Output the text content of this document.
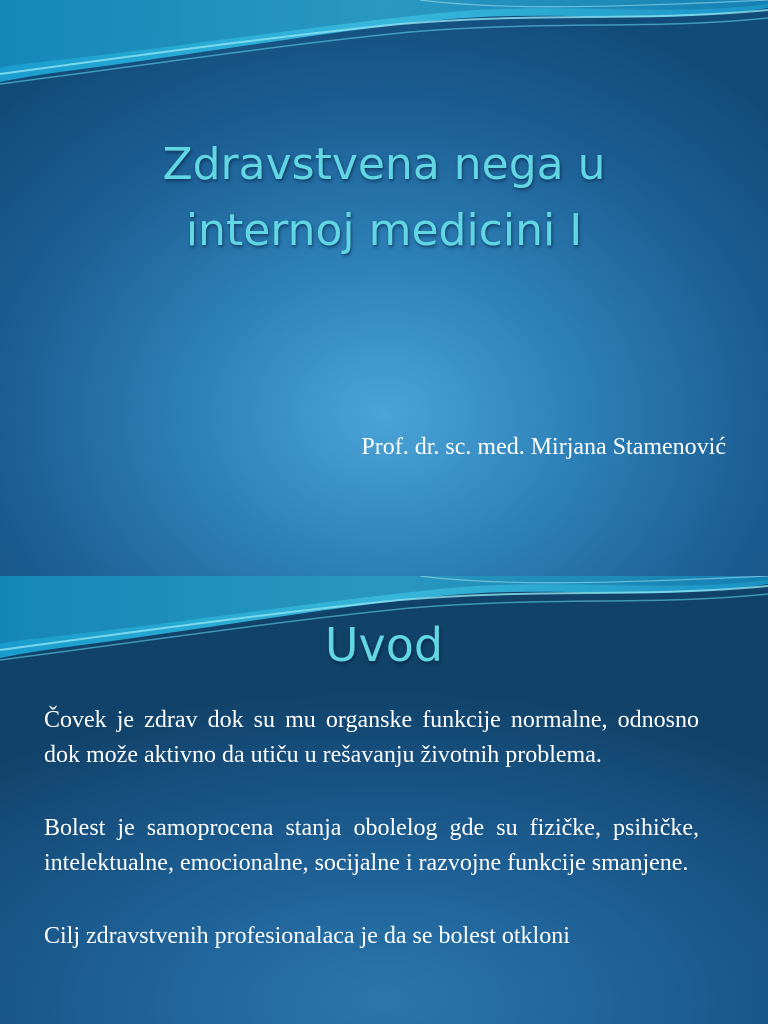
Zdravstvena nega u
internoj medicini I
Prof. dr. sc. med. Mirjana Stamenović
Uvod

Čovek je zdrav dok su mu organske funkcije normalne, odnosno dok može aktivno da utiču u rešavanju životnih problema.

Bolest je samoprocena stanja obolelog gde su fizičke, psihičke, intelektualne, emocionalne, socijalne i razvojne funkcije smanjene.

Cilj zdravstvenih profesionalaca je da se bolest otkloni
